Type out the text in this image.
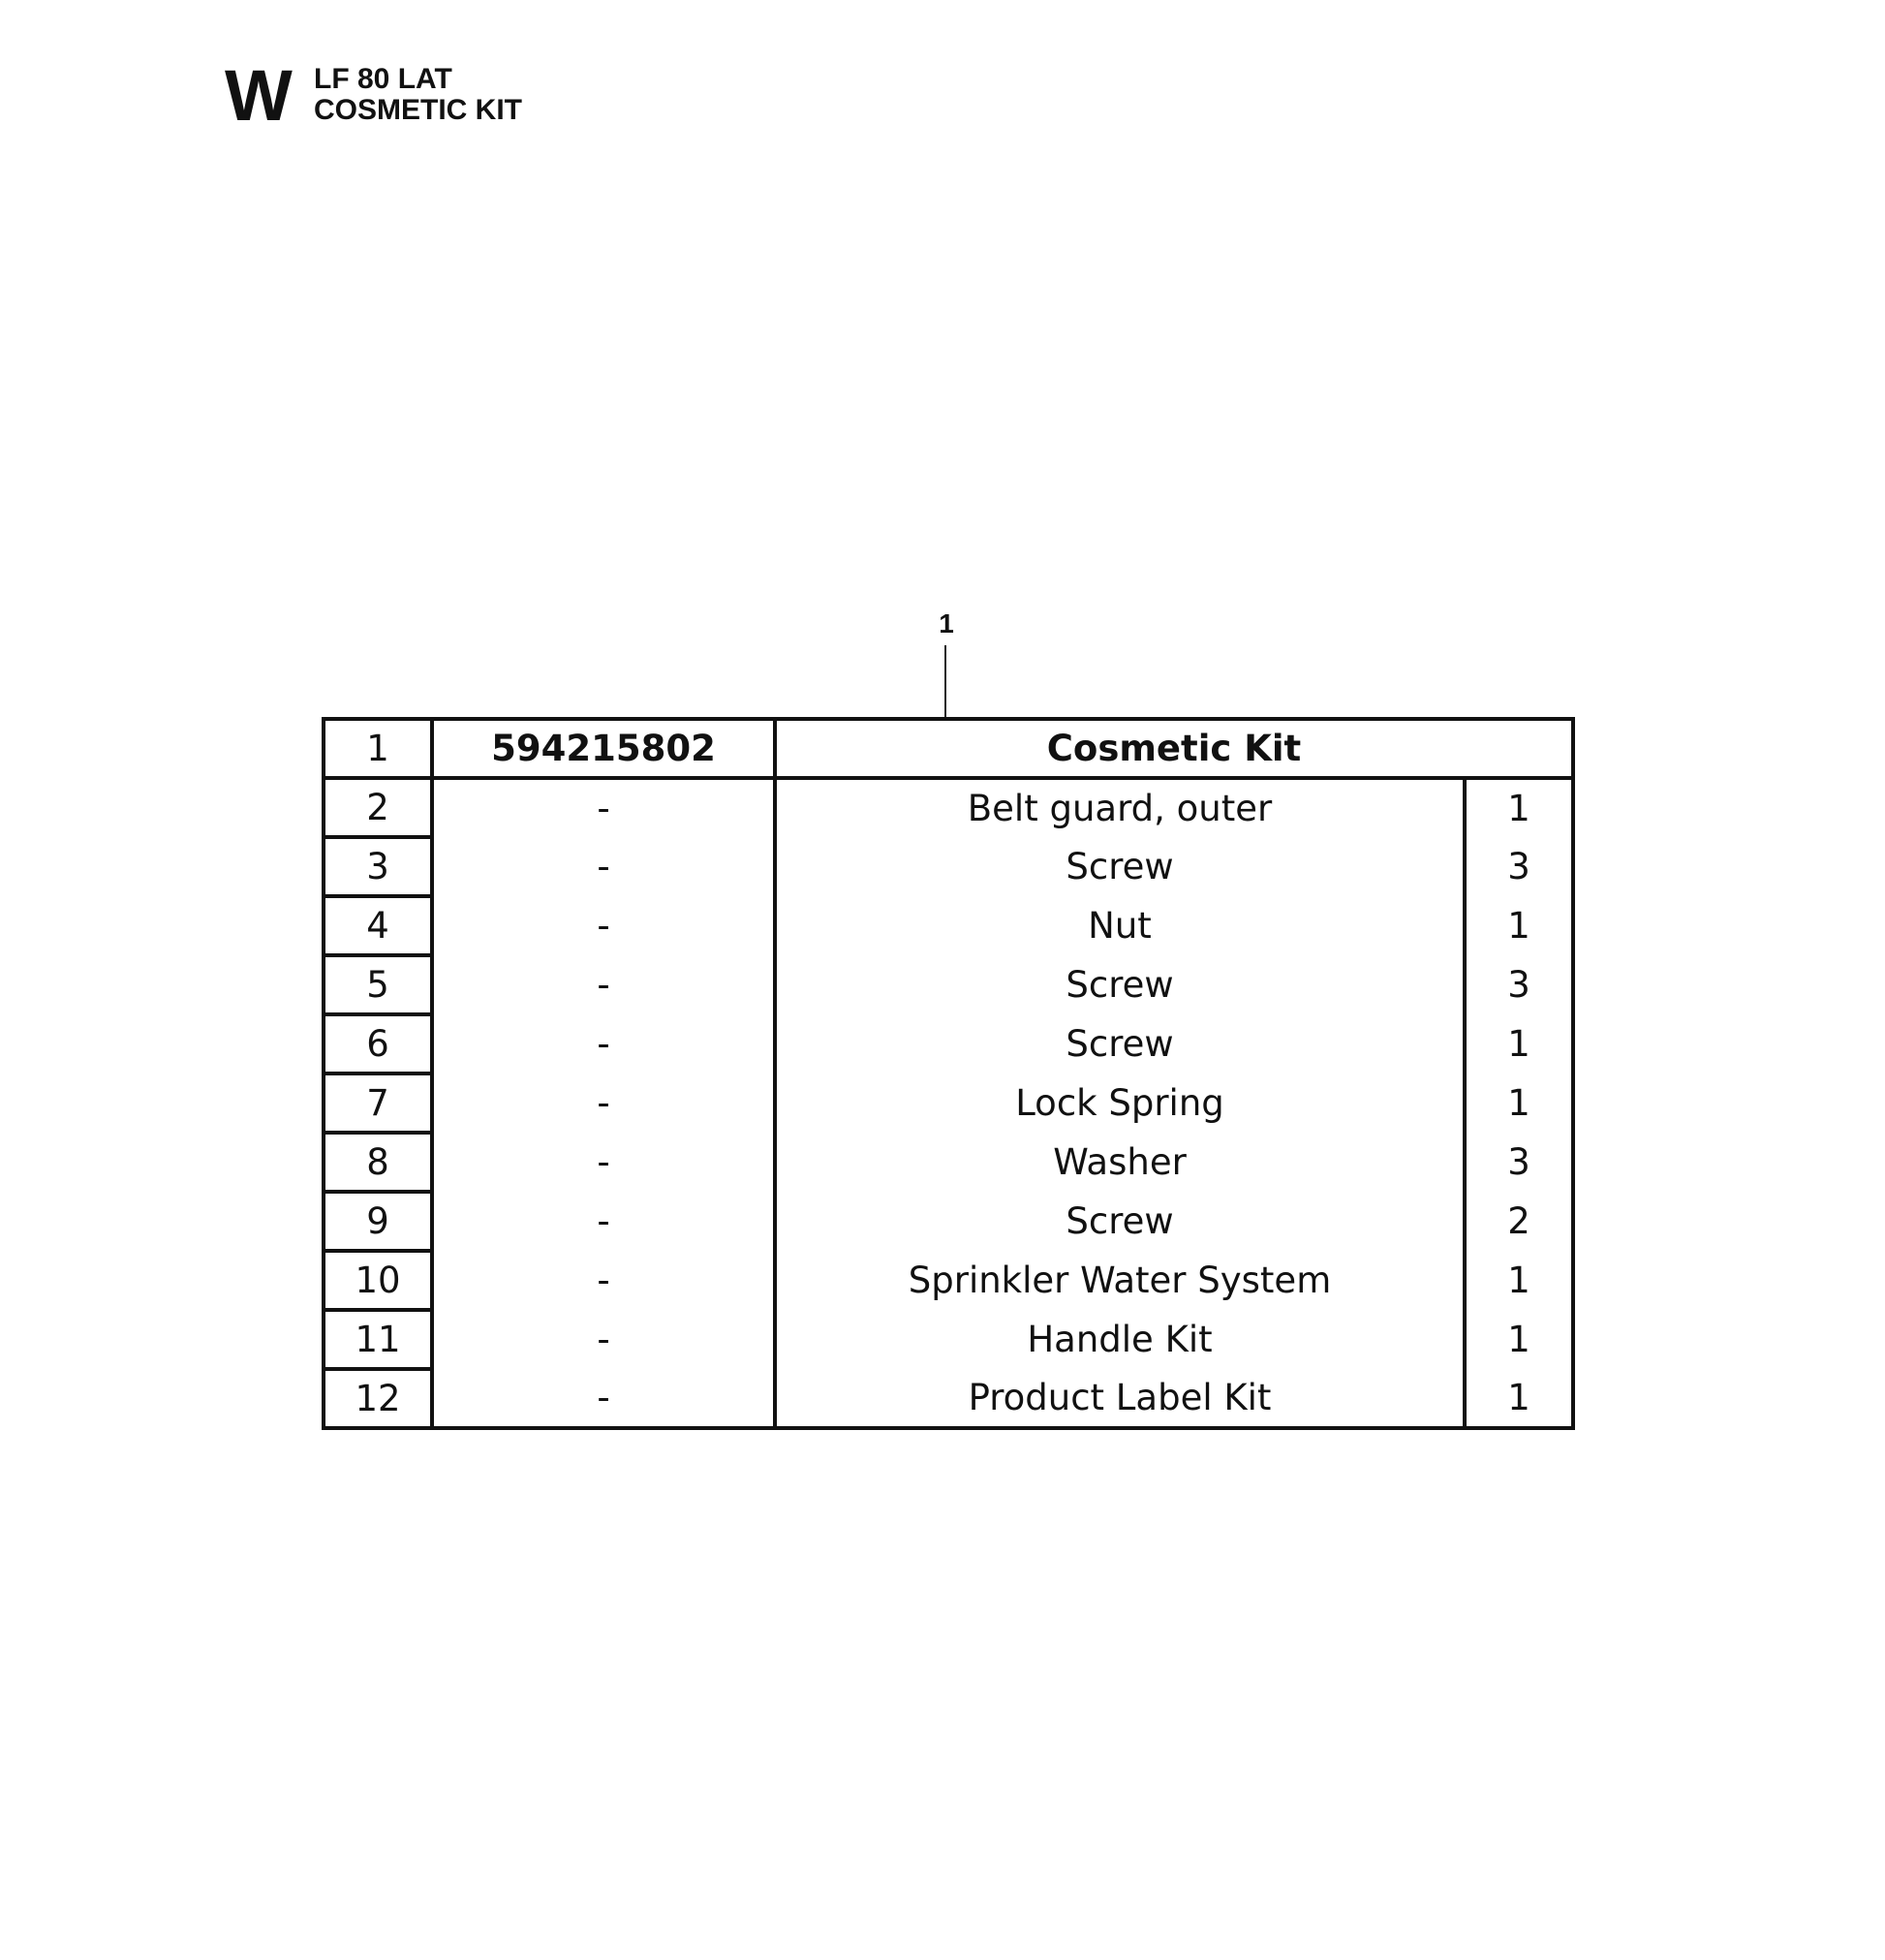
W LF 80 LAT
COSMETIC KIT
1
1	594215802	Cosmetic Kit	
2	-	Belt guard, outer	1
3	-	Screw	3
4	-	Nut	1
5	-	Screw	3
6	-	Screw	1
7	-	Lock Spring	1
8	-	Washer	3
9	-	Screw	2
10	-	Sprinkler Water System	1
11	-	Handle Kit	1
12	-	Product Label Kit	1
